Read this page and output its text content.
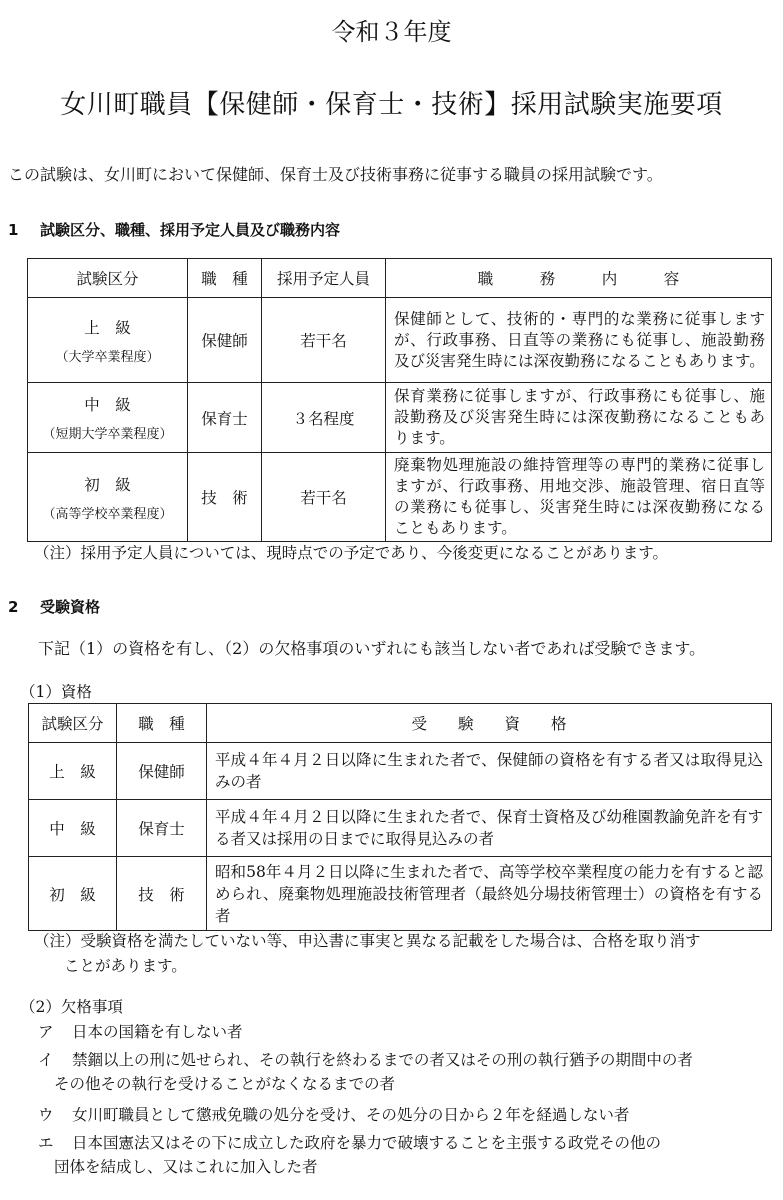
令和３年度
女川町職員【保健師・保育士・技術】採用試験実施要項
この試験は、女川町において保健師、保育士及び技術事務に従事する職員の採用試験です。
1 試験区分、職種、採用予定人員及び職務内容
試験区分	職　種	採用予定人員	職　　　務　　　内　　　容

上　級
（大学卒業程度）	保健師	若干名	保健師として、技術的・専門的な業務に従事しますが、行政事務、日直等の業務にも従事し、施設勤務及び災害発生時には深夜勤務になることもあります。

中　級
（短期大学卒業程度）	保育士	３名程度	保育業務に従事しますが、行政事務にも従事し、施設勤務及び災害発生時には深夜勤務になることもあります。

初　級
（高等学校卒業程度）	技　術	若干名	廃棄物処理施設の維持管理等の専門的業務に従事しますが、行政事務、用地交渉、施設管理、宿日直等の業務にも従事し、災害発生時には深夜勤務になることもあります。
（注）採用予定人員については、現時点での予定であり、今後変更になることがあります。
2 受験資格
下記（1）の資格を有し、（2）の欠格事項のいずれにも該当しない者であれば受験できます。
（1）資格
試験区分	職　種	受　　験　　資　　格
上　級	保健師	平成４年４月２日以降に生まれた者で、保健師の資格を有する者又は取得見込みの者
中　級	保育士	平成４年４月２日以降に生まれた者で、保育士資格及び幼稚園教諭免許を有する者又は採用の日までに取得見込みの者
初　級	技　術	昭和58年４月２日以降に生まれた者で、高等学校卒業程度の能力を有すると認められ、廃棄物処理施設技術管理者（最終処分場技術管理士）の資格を有する者
（注）受験資格を満たしていない等、申込書に事実と異なる記載をした場合は、合格を取り消す
ことがあります。
（2）欠格事項
ア 日本の国籍を有しない者
イ 禁錮以上の刑に処せられ、その執行を終わるまでの者又はその刑の執行猶予の期間中の者
その他その執行を受けることがなくなるまでの者
ウ 女川町職員として懲戒免職の処分を受け、その処分の日から２年を経過しない者
エ 日本国憲法又はその下に成立した政府を暴力で破壊することを主張する政党その他の
団体を結成し、又はこれに加入した者
